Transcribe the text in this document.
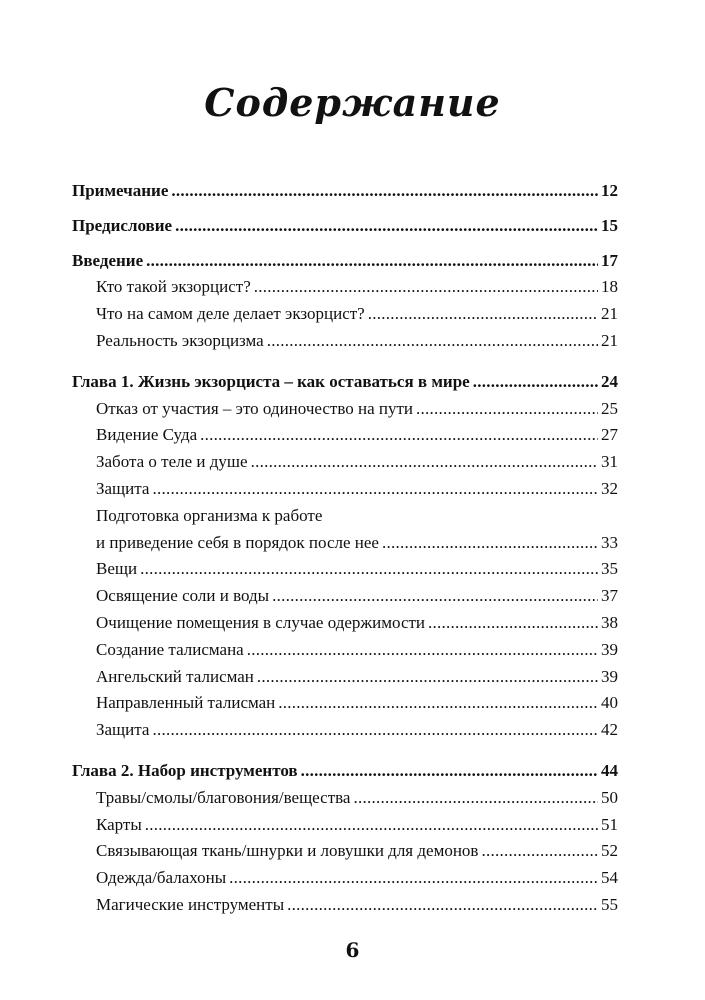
Содержание
Примечание . . .	12
Предисловие . . .	15
Введение . . .	17
Кто такой экзорцист? . . .	18
Что на самом деле делает экзорцист? . . .	21
Реальность экзорцизма . . .	21
Глава 1. Жизнь экзорциста – как оставаться в мире . . .	24
Отказ от участия – это одиночество на пути . . .	25
Видение Суда . . .	27
Забота о теле и душе . . .	31
Защита . . .	32
Подготовка организма к работе
и приведение себя в порядок после нее . . .	33
Вещи . . .	35
Освящение соли и воды . . .	37
Очищение помещения в случае одержимости . . .	38
Создание талисмана . . .	39
Ангельский талисман . . .	39
Направленный талисман . . .	40
Защита . . .	42
Глава 2. Набор инструментов . . .	44
Травы/смолы/благовония/вещества . . .	50
Карты . . .	51
Связывающая ткань/шнурки и ловушки для демонов . . .	52
Одежда/балахоны . . .	54
Магические инструменты . . .	55
6
